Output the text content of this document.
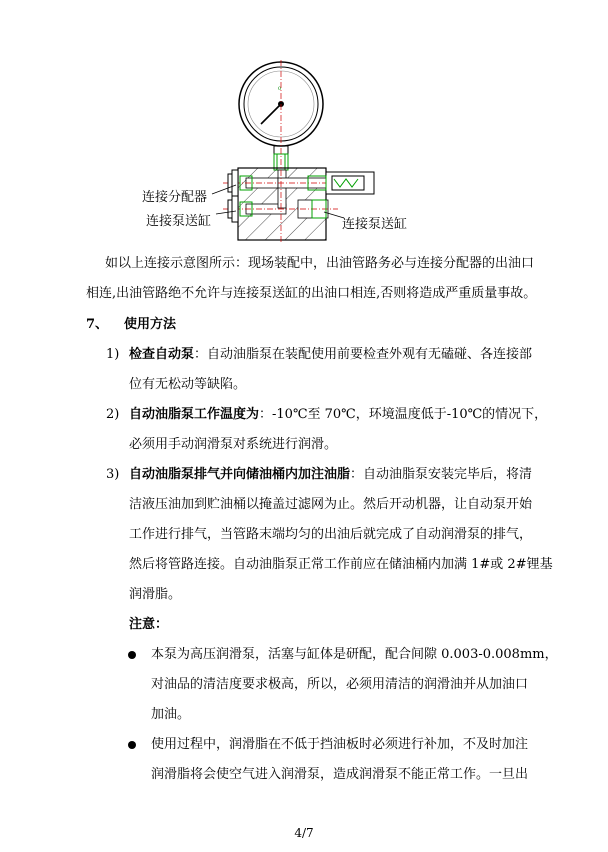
0
连接分配器
连接泵送缸	连接泵送缸
如以上连接示意图所示：现场装配中，出油管路务必与连接分配器的出油口
相连,出油管路绝不允许与连接泵送缸的出油口相连,否则将造成严重质量事故。
7、 使用方法
1) 检查自动泵：自动油脂泵在装配使用前要检查外观有无磕碰、各连接部
位有无松动等缺陷。
2) 自动油脂泵工作温度为：-10℃至 70℃，环境温度低于-10℃的情况下，
必须用手动润滑泵对系统进行润滑。
3) 自动油脂泵排气并向储油桶内加注油脂：自动油脂泵安装完毕后，将清
洁液压油加到贮油桶以掩盖过滤网为止。然后开动机器，让自动泵开始
工作进行排气，当管路末端均匀的出油后就完成了自动润滑泵的排气，
然后将管路连接。自动油脂泵正常工作前应在储油桶内加满 1#或 2#锂基
润滑脂。
注意：
本泵为高压润滑泵，活塞与缸体是研配，配合间隙 0.003-0.008mm，
对油品的清洁度要求极高，所以，必须用清洁的润滑油并从加油口
加油。
使用过程中，润滑脂在不低于挡油板时必须进行补加，不及时加注
润滑脂将会使空气进入润滑泵，造成润滑泵不能正常工作。一旦出
4/7
